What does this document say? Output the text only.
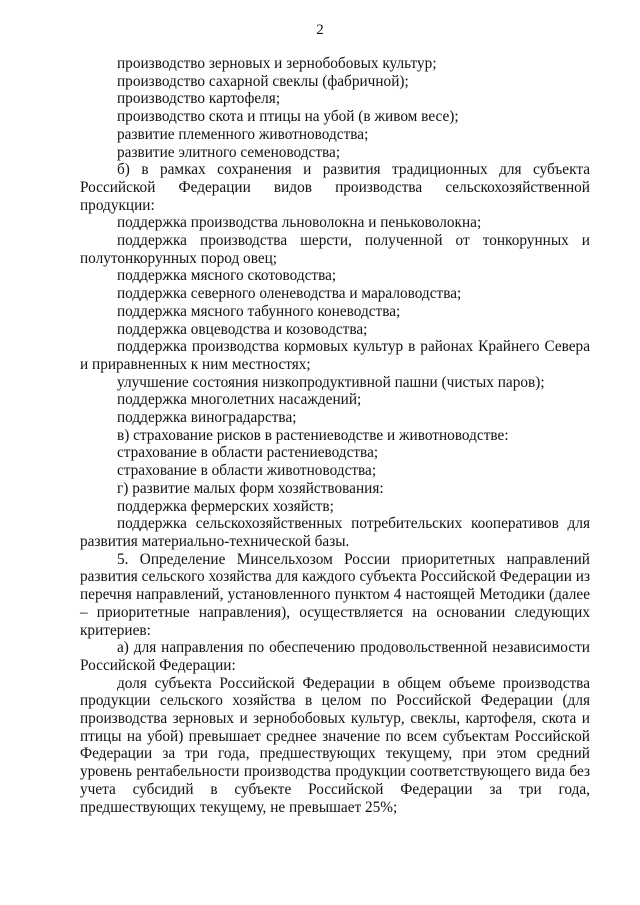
2

производство зерновых и зернобобовых культур;

производство сахарной свеклы (фабричной);

производство картофеля;

производство скота и птицы на убой (в живом весе);

развитие племенного животноводства;

развитие элитного семеноводства;

б) в рамках сохранения и развития традиционных для субъекта Российской Федерации видов производства сельскохозяйственной продукции:

поддержка производства льноволокна и пеньковолокна;

поддержка производства шерсти, полученной от тонкорунных и полутонкорунных пород овец;

поддержка мясного скотоводства;

поддержка северного оленеводства и мараловодства;

поддержка мясного табунного коневодства;

поддержка овцеводства и козоводства;

поддержка производства кормовых культур в районах Крайнего Севера и приравненных к ним местностях;

улучшение состояния низкопродуктивной пашни (чистых паров);

поддержка многолетних насаждений;

поддержка виноградарства;

в) страхование рисков в растениеводстве и животноводстве:

страхование в области растениеводства;

страхование в области животноводства;

г) развитие малых форм хозяйствования:

поддержка фермерских хозяйств;

поддержка сельскохозяйственных потребительских кооперативов для развития материально-технической базы.

5. Определение Минсельхозом России приоритетных направлений развития сельского хозяйства для каждого субъекта Российской Федерации из перечня направлений, установленного пунктом 4 настоящей Методики (далее – приоритетные направления), осуществляется на основании следующих критериев:

а) для направления по обеспечению продовольственной независимости Российской Федерации:

доля субъекта Российской Федерации в общем объеме производства продукции сельского хозяйства в целом по Российской Федерации (для производства зерновых и зернобобовых культур, свеклы, картофеля, скота и птицы на убой) превышает среднее значение по всем субъектам Российской Федерации за три года, предшествующих текущему, при этом средний уровень рентабельности производства продукции соответствующего вида без учета субсидий в субъекте Российской Федерации за три года, предшествующих текущему, не превышает 25%;
